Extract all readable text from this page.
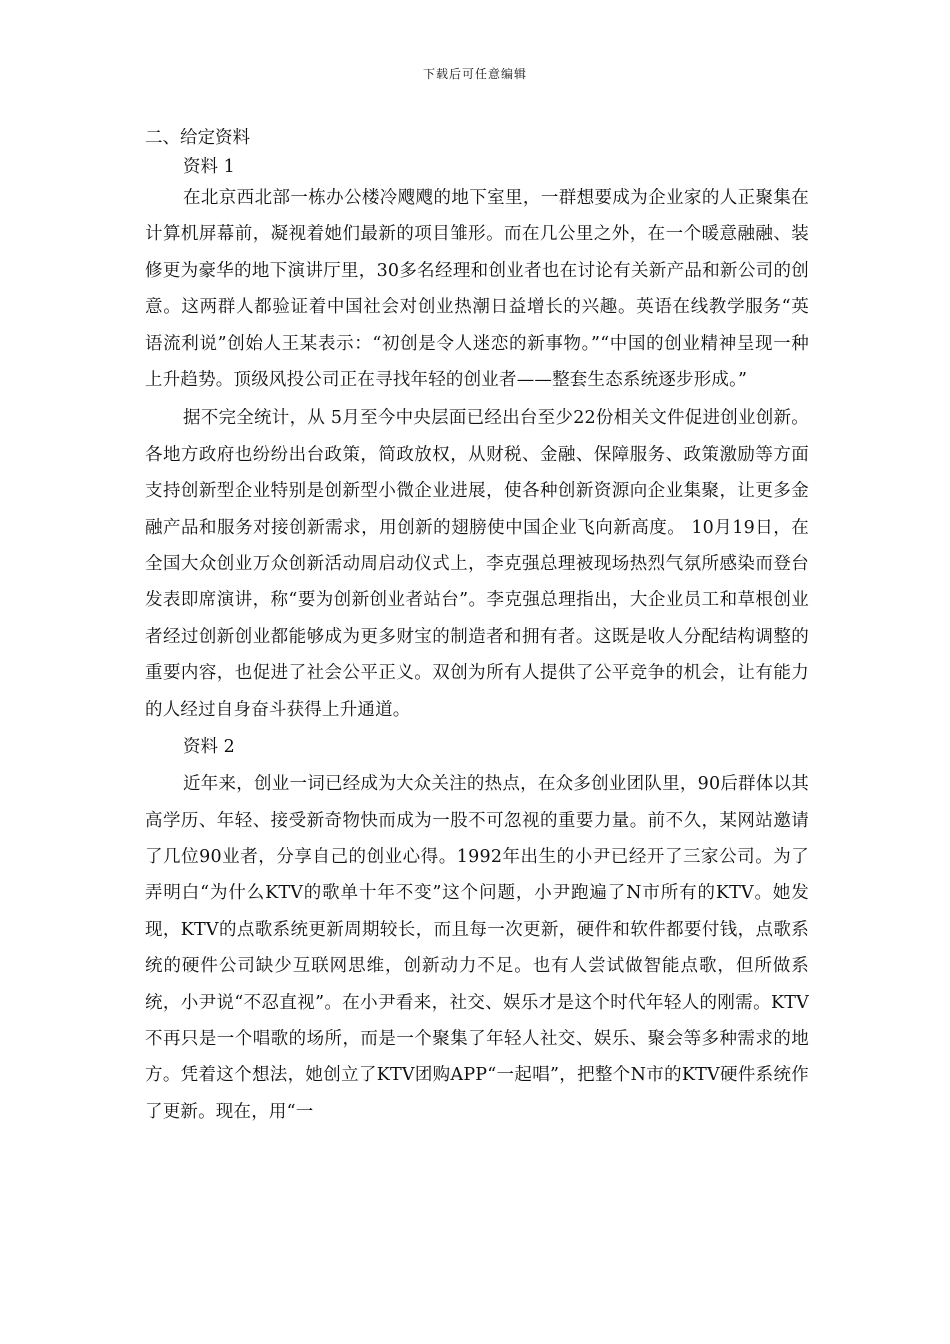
下载后可任意编辑
二、给定资料
资料 1

在北京西北部一栋办公楼冷飕飕的地下室里，一群想要成为企业家的人正聚集在计算机屏幕前，凝视着她们最新的项目雏形。而在几公里之外，在一个暖意融融、装修更为豪华的地下演讲厅里，30多名经理和创业者也在讨论有关新产品和新公司的创意。这两群人都验证着中国社会对创业热潮日益增长的兴趣。英语在线教学服务“英语流利说”创始人王某表示：“初创是令人迷恋的新事物。”“中国的创业精神呈现一种上升趋势。顶级风投公司正在寻找年轻的创业者——整套生态系统逐步形成。”

据不完全统计，从 5月至今中央层面已经出台至少22份相关文件促进创业创新。各地方政府也纷纷出台政策，简政放权，从财税、金融、保障服务、政策激励等方面支持创新型企业特别是创新型小微企业进展，使各种创新资源向企业集聚，让更多金融产品和服务对接创新需求，用创新的翅膀使中国企业飞向新高度。 10月19日，在全国大众创业万众创新活动周启动仪式上，李克强总理被现场热烈气氛所感染而登台发表即席演讲，称“要为创新创业者站台”。李克强总理指出，大企业员工和草根创业者经过创新创业都能够成为更多财宝的制造者和拥有者。这既是收人分配结构调整的重要内容，也促进了社会公平正义。双创为所有人提供了公平竞争的机会，让有能力的人经过自身奋斗获得上升通道。

资料 2

近年来，创业一词已经成为大众关注的热点，在众多创业团队里，90后群体以其高学历、年轻、接受新奇物快而成为一股不可忽视的重要力量。前不久，某网站邀请了几位90业者，分享自己的创业心得。1992年出生的小尹已经开了三家公司。为了弄明白“为什么KTV的歌单十年不变”这个问题，小尹跑遍了N市所有的KTV。她发现，KTV的点歌系统更新周期较长，而且每一次更新，硬件和软件都要付钱，点歌系统的硬件公司缺少互联网思维，创新动力不足。也有人尝试做智能点歌，但所做系统，小尹说“不忍直视”。在小尹看来，社交、娱乐才是这个时代年轻人的刚需。KTV不再只是一个唱歌的场所，而是一个聚集了年轻人社交、娱乐、聚会等多种需求的地方。凭着这个想法，她创立了KTV团购APP“一起唱”，把整个N市的KTV硬件系统作了更新。现在，用“一
